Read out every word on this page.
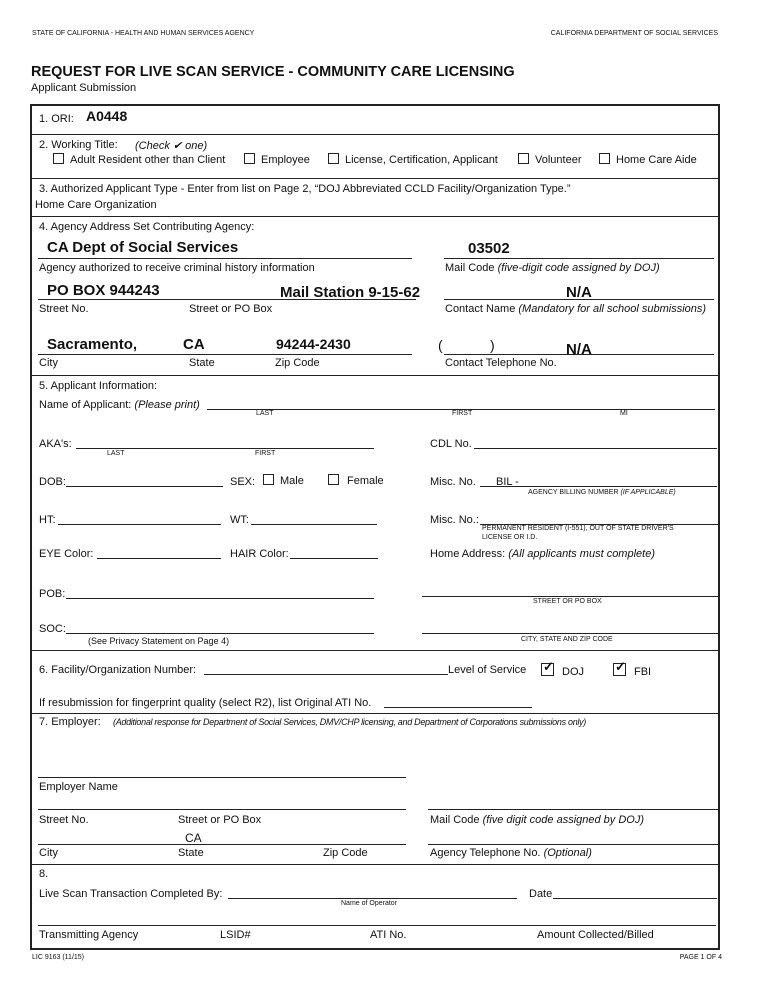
STATE OF CALIFORNIA - HEALTH AND HUMAN SERVICES AGENCY	CALIFORNIA DEPARTMENT OF SOCIAL SERVICES
REQUEST FOR LIVE SCAN SERVICE - COMMUNITY CARE LICENSING
Applicant Submission
1. ORI: A0448
2. Working Title: (Check ✔ one)
Adult Resident other than Client	Employee	License, Certification, Applicant	Volunteer	Home Care Aide
3. Authorized Applicant Type - Enter from list on Page 2, “DOJ Abbreviated CCLD Facility/Organization Type.”
Home Care Organization
4. Agency Address Set Contributing Agency:
CA Dept of Social Services	03502
Agency authorized to receive criminal history information	Mail Code (five-digit code assigned by DOJ)
PO BOX 944243	Mail Station 9-15-62	N/A
Street No.	Street or PO Box	Contact Name (Mandatory for all school submissions)
Sacramento,	CA	94244-2430	(	)	N/A
City	State	Zip Code	Contact Telephone No.
5. Applicant Information:
Name of Applicant: (Please print)
LAST	FIRST	MI
AKA's:
LAST	FIRST
CDL No.
DOB:	SEX:	Male	Female	Misc. No. BIL -
AGENCY BILLING NUMBER (IF APPLICABLE)
HT:	WT:	Misc. No.:
PERMANENT RESIDENT (I-551), OUT OF STATE DRIVER'S
LICENSE OR I.D.
EYE Color:	HAIR Color:	Home Address: (All applicants must complete)
POB:
STREET OR PO BOX
SOC:
(See Privacy Statement on Page 4)	CITY, STATE AND ZIP CODE
6. Facility/Organization Number:	Level of Service ✓	DOJ ✓	FBI
If resubmission for fingerprint quality (select R2), list Original ATI No.
7. Employer: (Additional response for Department of Social Services, DMV/CHP licensing, and Department of Corporations submissions only)
Employer Name
Street No.	Street or PO Box	Mail Code (five digit code assigned by DOJ)
CA
City	State	Zip Code	Agency Telephone No. (Optional)
8.
Live Scan Transaction Completed By:
Name of Operator
Date
Transmitting Agency	LSID#	ATI No.	Amount Collected/Billed
LIC 9163 (11/15)	PAGE 1 OF 4
